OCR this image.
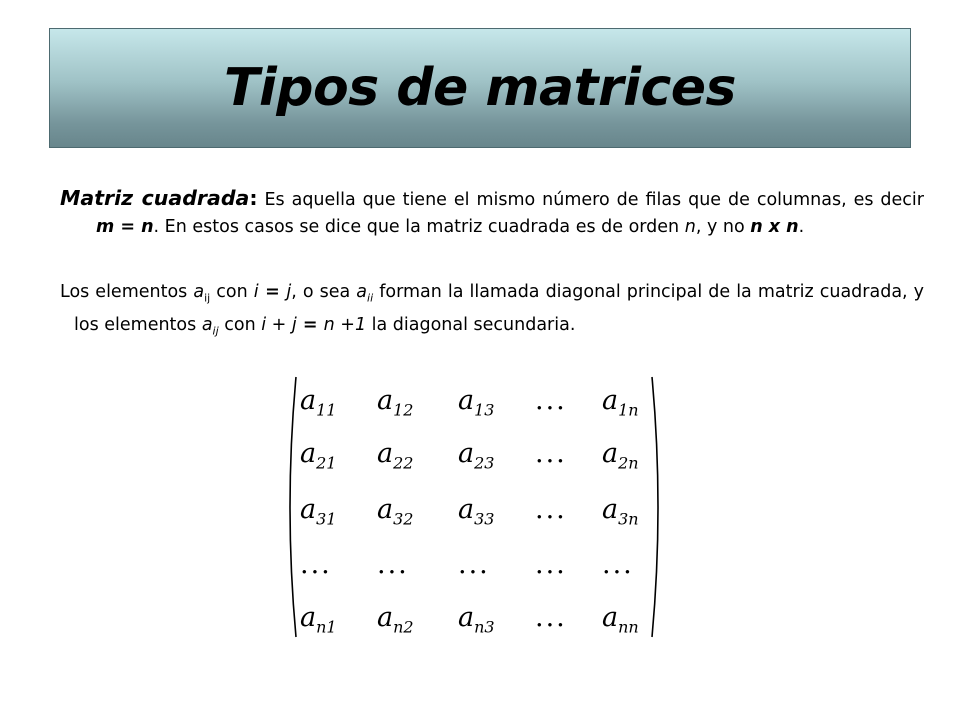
Tipos de matrices
Matriz cuadrada: Es aquella que tiene el mismo número de filas que de columnas, es decir m = n. En estos casos se dice que la matriz cuadrada es de orden n, y no n x n.
Los elementos $a_{ij}$ con i = j, o sea $a_{ii}$ forman la llamada diagonal principal de la matriz cuadrada, y los elementos $a_{ij}$ con i + j = n +1 la diagonal secundaria.
$a_{11}$ $a_{12}$ $a_{13}$ ... $a_{1n}$
$a_{21}$ $a_{22}$ $a_{23}$ ... $a_{2n}$
$a_{31}$ $a_{32}$ $a_{33}$ ... $a_{3n}$
... ... ... ... ...
$a_{n1}$ $a_{n2}$ $a_{n3}$ ... $a_{nn}$
